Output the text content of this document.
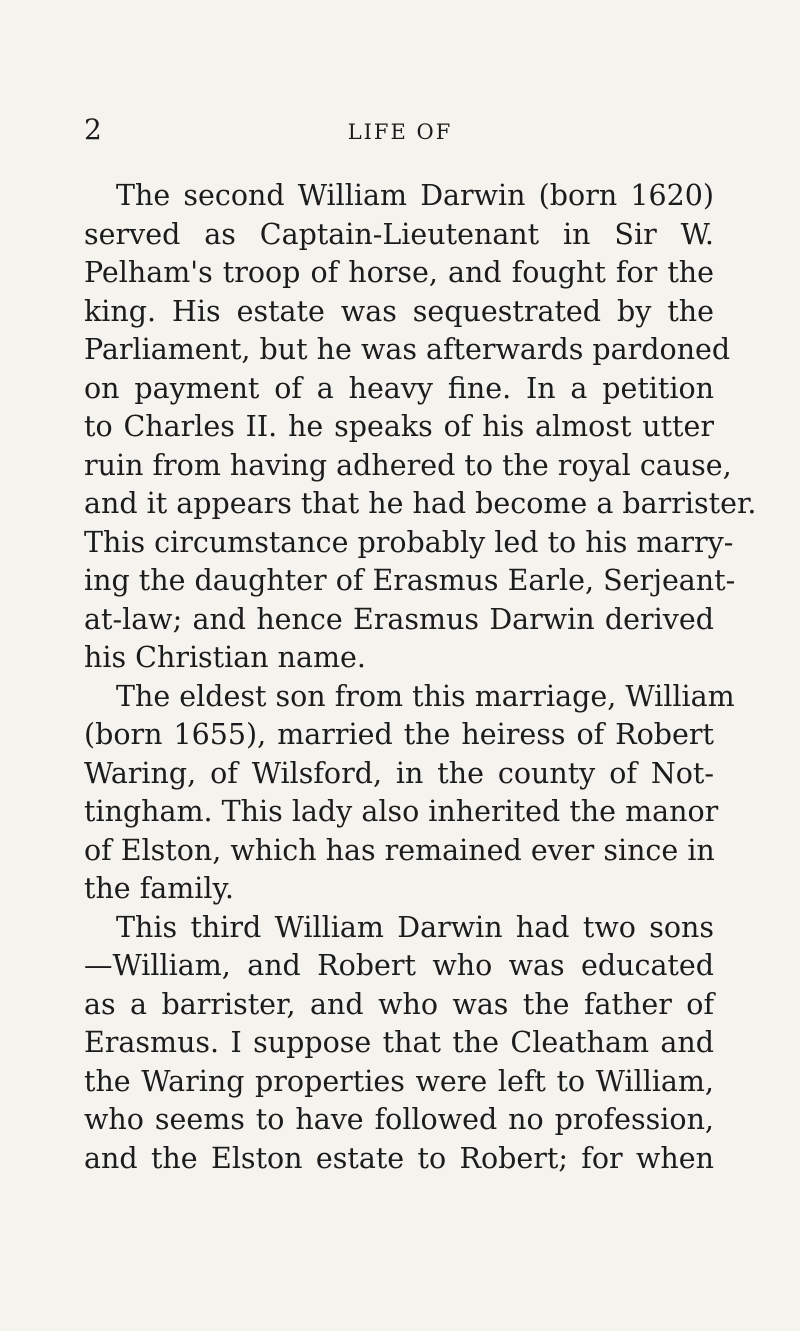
2	LIFE OF
The second William Darwin (born 1620)
served as Captain-Lieutenant in Sir W.
Pelham's troop of horse, and fought for the
king. His estate was sequestrated by the
Parliament, but he was afterwards pardoned
on payment of a heavy fine. In a petition
to Charles II. he speaks of his almost utter
ruin from having adhered to the royal cause,
and it appears that he had become a barrister.
This circumstance probably led to his marry-
ing the daughter of Erasmus Earle, Serjeant-
at-law; and hence Erasmus Darwin derived
his Christian name.
The eldest son from this marriage, William
(born 1655), married the heiress of Robert
Waring, of Wilsford, in the county of Not-
tingham. This lady also inherited the manor
of Elston, which has remained ever since in
the family.
This third William Darwin had two sons
—William, and Robert who was educated
as a barrister, and who was the father of
Erasmus. I suppose that the Cleatham and
the Waring properties were left to William,
who seems to have followed no profession,
and the Elston estate to Robert; for when
